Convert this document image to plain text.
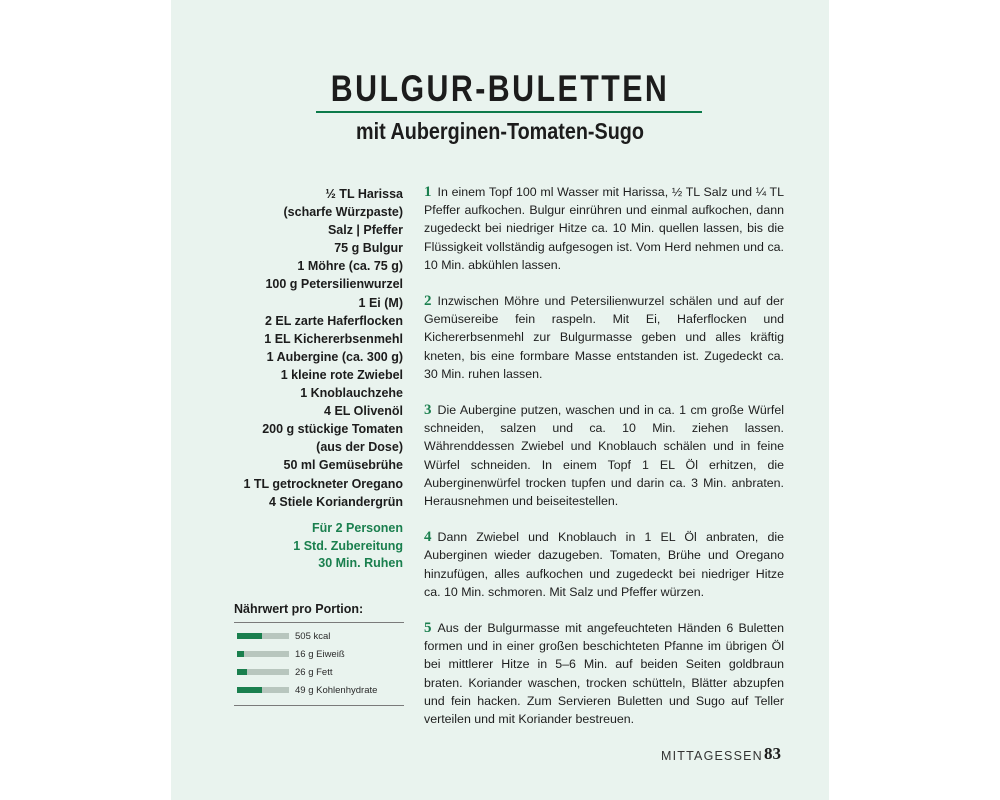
BULGUR-BULETTEN
mit Auberginen-Tomaten-Sugo
½ TL Harissa
(scharfe Würzpaste)
Salz | Pfeffer
75 g Bulgur
1 Möhre (ca. 75 g)
100 g Petersilienwurzel
1 Ei (M)
2 EL zarte Haferflocken
1 EL Kichererbsenmehl
1 Aubergine (ca. 300 g)
1 kleine rote Zwiebel
1 Knoblauchzehe
4 EL Olivenöl
200 g stückige Tomaten
(aus der Dose)
50 ml Gemüsebrühe
1 TL getrockneter Oregano
4 Stiele Koriandergrün
Für 2 Personen
1 Std. Zubereitung
30 Min. Ruhen
Nährwert pro Portion:
505 kcal
16 g Eiweiß
26 g Fett
49 g Kohlenhydrate

1 In einem Topf 100 ml Wasser mit Harissa, ½ TL Salz und ¼ TL Pfeffer aufkochen. Bulgur einrühren und einmal aufkochen, dann zugedeckt bei niedriger Hitze ca. 10 Min. quellen lassen, bis die Flüssigkeit vollständig aufgesogen ist. Vom Herd nehmen und ca. 10 Min. abkühlen lassen.

2 Inzwischen Möhre und Petersilienwurzel schälen und auf der Gemüsereibe fein raspeln. Mit Ei, Haferflocken und Kichererbsenmehl zur Bulgurmasse geben und alles kräftig kneten, bis eine formbare Masse entstanden ist. Zugedeckt ca. 30 Min. ruhen lassen.

3 Die Aubergine putzen, waschen und in ca. 1 cm große Würfel schneiden, salzen und ca. 10 Min. ziehen lassen. Währenddessen Zwiebel und Knoblauch schälen und in feine Würfel schneiden. In einem Topf 1 EL Öl erhitzen, die Auberginenwürfel trocken tupfen und darin ca. 3 Min. anbraten. Herausnehmen und beiseitestellen.

4 Dann Zwiebel und Knoblauch in 1 EL Öl anbraten, die Auberginen wieder dazugeben. Tomaten, Brühe und Oregano hinzufügen, alles aufkochen und zugedeckt bei niedriger Hitze ca. 10 Min. schmoren. Mit Salz und Pfeffer würzen.

5 Aus der Bulgurmasse mit angefeuchteten Händen 6 Buletten formen und in einer großen beschichteten Pfanne im übrigen Öl bei mittlerer Hitze in 5–6 Min. auf beiden Seiten goldbraun braten. Koriander waschen, trocken schütteln, Blätter abzupfen und fein hacken. Zum Servieren Buletten und Sugo auf Teller verteilen und mit Koriander bestreuen.

MITTAGESSEN 83
